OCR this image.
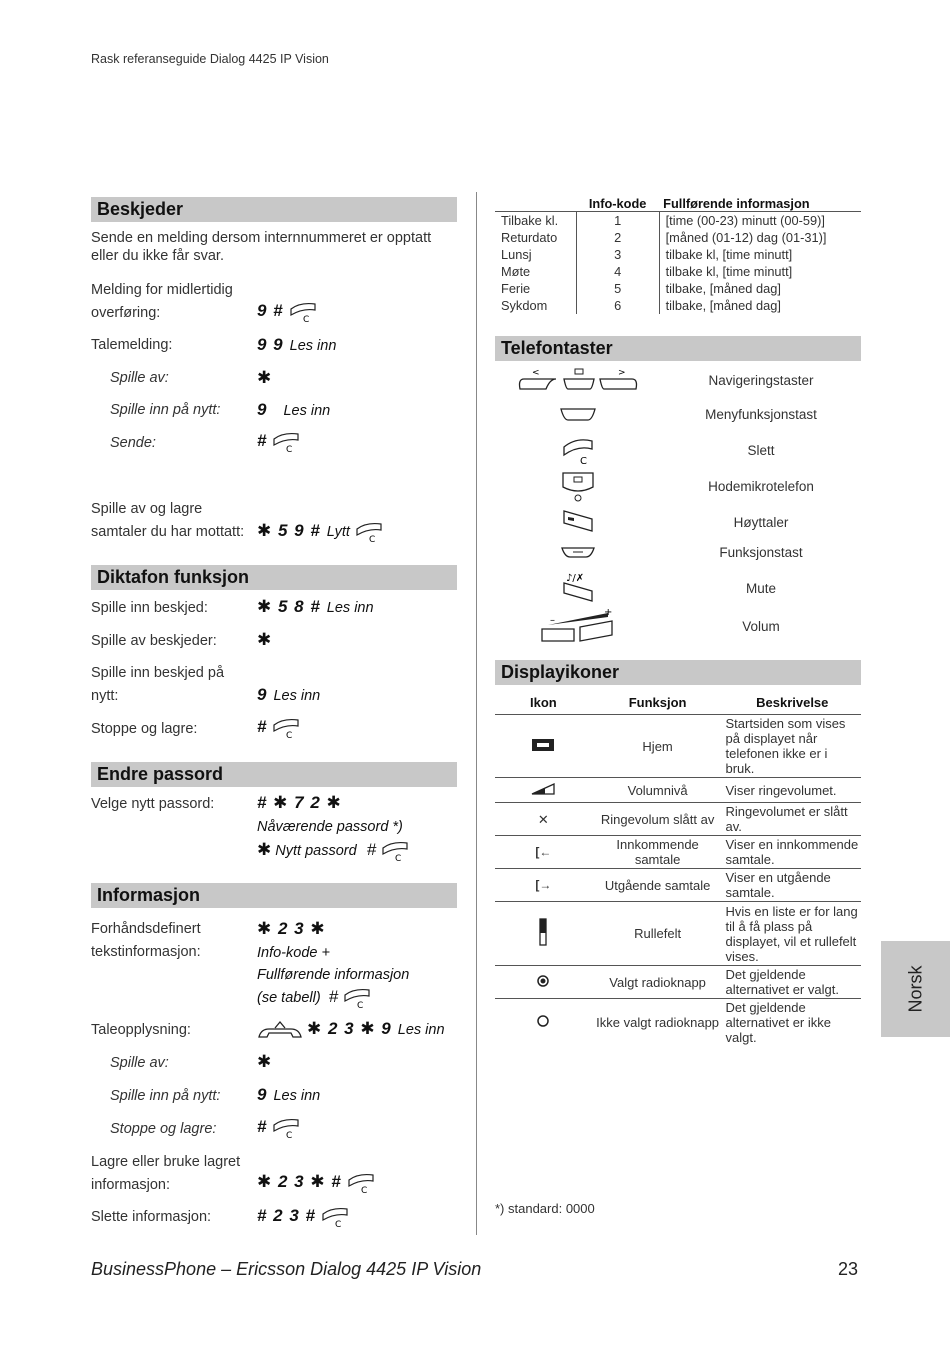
Rask referanseguide Dialog 4425 IP Vision
Beskjeder
Sende en melding dersom internnummeret er opptatt eller du ikke får svar.
Melding for midlertidig overføring:	9 # C
Talemelding:	9 9 Les inn
Spille av:	✱
Spille inn på nytt: 9 Les inn
Sende:	# C
Spille av og lagre samtaler du har mottatt: ✱ 5 9 # Lytt C
Diktafon funksjon
Spille inn beskjed:	✱ 5 8 # Les inn
Spille av beskjeder: ✱
Spille inn beskjed på nytt:	9 Les inn
Stoppe og lagre:	# C
Endre passord
Velge nytt passord:	# ✱ 7 2 ✱
Nåværende passord *)
✱ Nytt passord #
C
Informasjon
Forhåndsdefinert tekstinformasjon:
✱ 2 3 ✱
Info-kode +
Fullførende informasjon
(se tabell) #
C
Taleopplysning:	✱ 2 3 ✱ 9 Les inn
Spille av:	✱
Spille inn på nytt: 9 Les inn
Stoppe og lagre: # C
Lagre eller bruke lagret informasjon:	✱ 2 3 ✱ # C
Slette informasjon:	# 2 3 # C
	Info-kode	Fullførende informasjon
Tilbake kl.	1	[time (00-23) minutt (00-59)]
Returdato	2	[måned (01-12) dag (01-31)]
Lunsj	3	tilbake kl, [time minutt]
Møte	4	tilbake kl, [time minutt]
Ferie	5	tilbake, [måned dag]
Sykdom	6	tilbake, [måned dag]
Telefontaster
<	>	Navigeringstaster
Menyfunksjonstast
C
Slett
Hodemikrotelefon
Høyttaler
Funksjonstast
♪/✗
Mute
–
+
Volum
Displayikoner
Ikon	Funksjon	Beskrivelse
	Hjem	Startsiden som vises på displayet når telefonen ikke er i bruk.
	Volumnivå	Viser ringevolumet.
✕	Ringevolum slått av	Ringevolumet er slått av.
[←	Innkommende samtale	Viser en innkommende samtale.
[→	Utgående samtale	Viser en utgående samtale.
	Rullefelt	Hvis en liste er for lang til å få plass på displayet, vil et rullefelt vises.
	Valgt radioknapp	Det gjeldende alternativet er valgt.
	Ikke valgt radioknapp	Det gjeldende alternativet er ikke valgt.
*) standard: 0000
BusinessPhone – Ericsson Dialog 4425 IP Vision	23
Norsk
